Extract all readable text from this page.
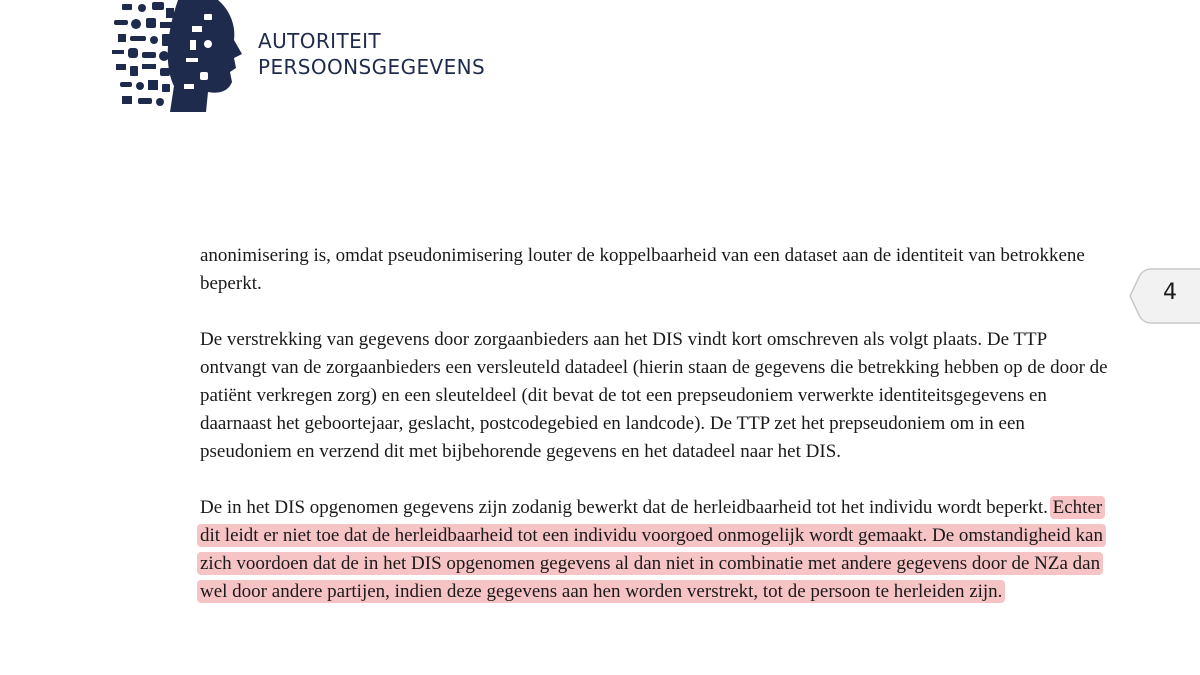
AUTORITEIT
PERSOONSGEGEVENS
4

anonimisering is, omdat pseudonimisering louter de koppelbaarheid van een dataset aan de identiteit van betrokkene beperkt.

De verstrekking van gegevens door zorgaanbieders aan het DIS vindt kort omschreven als volgt plaats. De TTP ontvangt van de zorgaanbieders een versleuteld datadeel (hierin staan de gegevens die betrekking hebben op de door de patiënt verkregen zorg) en een sleuteldeel (dit bevat de tot een prepseudoniem verwerkte identiteitsgegevens en daarnaast het geboortejaar, geslacht, postcodegebied en landcode). De TTP zet het prepseudoniem om in een pseudoniem en verzend dit met bijbehorende gegevens en het datadeel naar het DIS.

De in het DIS opgenomen gegevens zijn zodanig bewerkt dat de herleidbaarheid tot het individu wordt beperkt. Echter dit leidt er niet toe dat de herleidbaarheid tot een individu voorgoed onmogelijk wordt gemaakt. De omstandigheid kan zich voordoen dat de in het DIS opgenomen gegevens al dan niet in combinatie met andere gegevens door de NZa dan wel door andere partijen, indien deze gegevens aan hen worden verstrekt, tot de persoon te herleiden zijn.
